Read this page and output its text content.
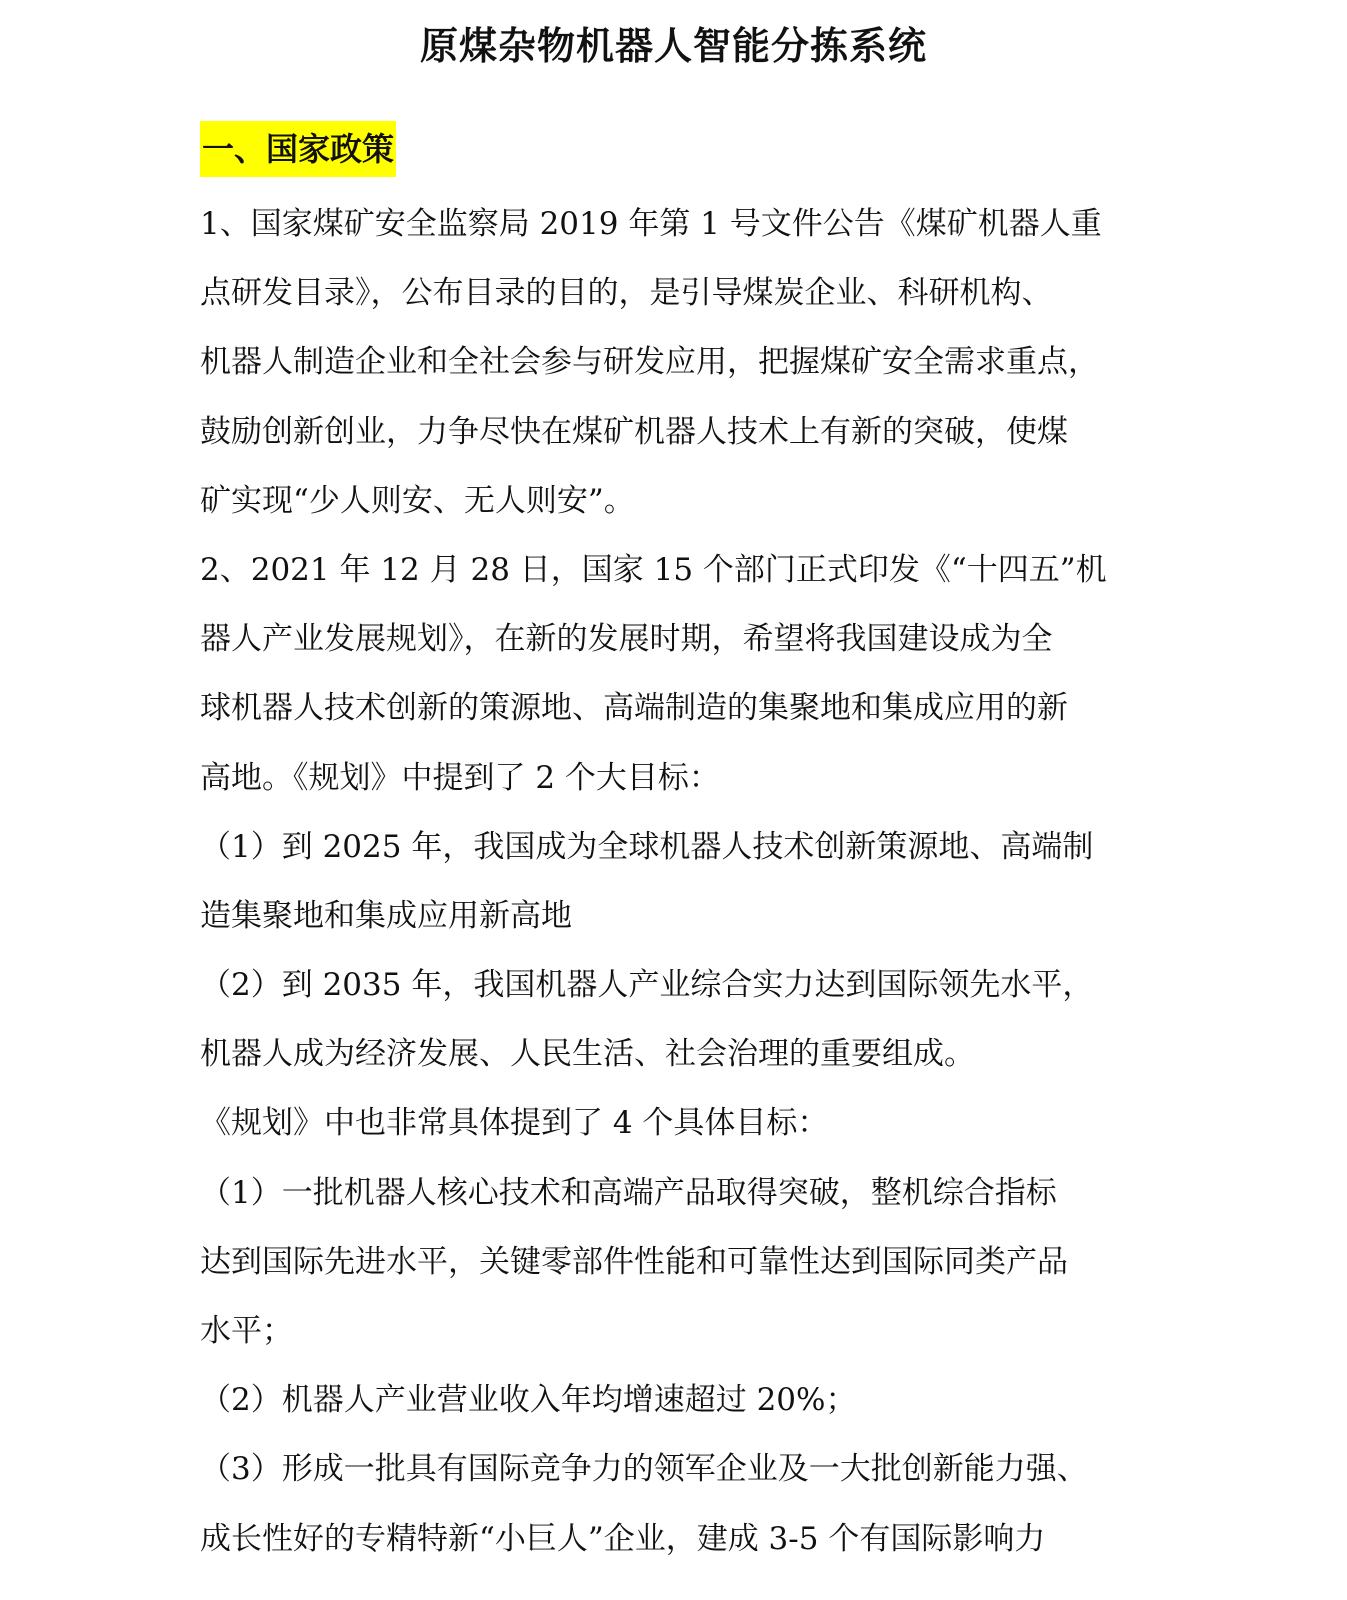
原煤杂物机器人智能分拣系统
一、国家政策
1、国家煤矿安全监察局 2019 年第 1 号文件公告《煤矿机器人重
点研发目录》，公布目录的目的，是引导煤炭企业、科研机构、
机器人制造企业和全社会参与研发应用，把握煤矿安全需求重点，
鼓励创新创业，力争尽快在煤矿机器人技术上有新的突破，使煤
矿实现“少人则安、无人则安”。
2、2021 年 12 月 28 日，国家 15 个部门正式印发《“十四五”机
器人产业发展规划》，在新的发展时期，希望将我国建设成为全
球机器人技术创新的策源地、高端制造的集聚地和集成应用的新
高地。《规划》中提到了 2 个大目标：
（1）到 2025 年，我国成为全球机器人技术创新策源地、高端制
造集聚地和集成应用新高地
（2）到 2035 年，我国机器人产业综合实力达到国际领先水平，
机器人成为经济发展、人民生活、社会治理的重要组成。
《规划》中也非常具体提到了 4 个具体目标：
（1）一批机器人核心技术和高端产品取得突破，整机综合指标
达到国际先进水平，关键零部件性能和可靠性达到国际同类产品
水平；
（2）机器人产业营业收入年均增速超过 20%；
（3）形成一批具有国际竞争力的领军企业及一大批创新能力强、
成长性好的专精特新“小巨人”企业，建成 3-5 个有国际影响力
